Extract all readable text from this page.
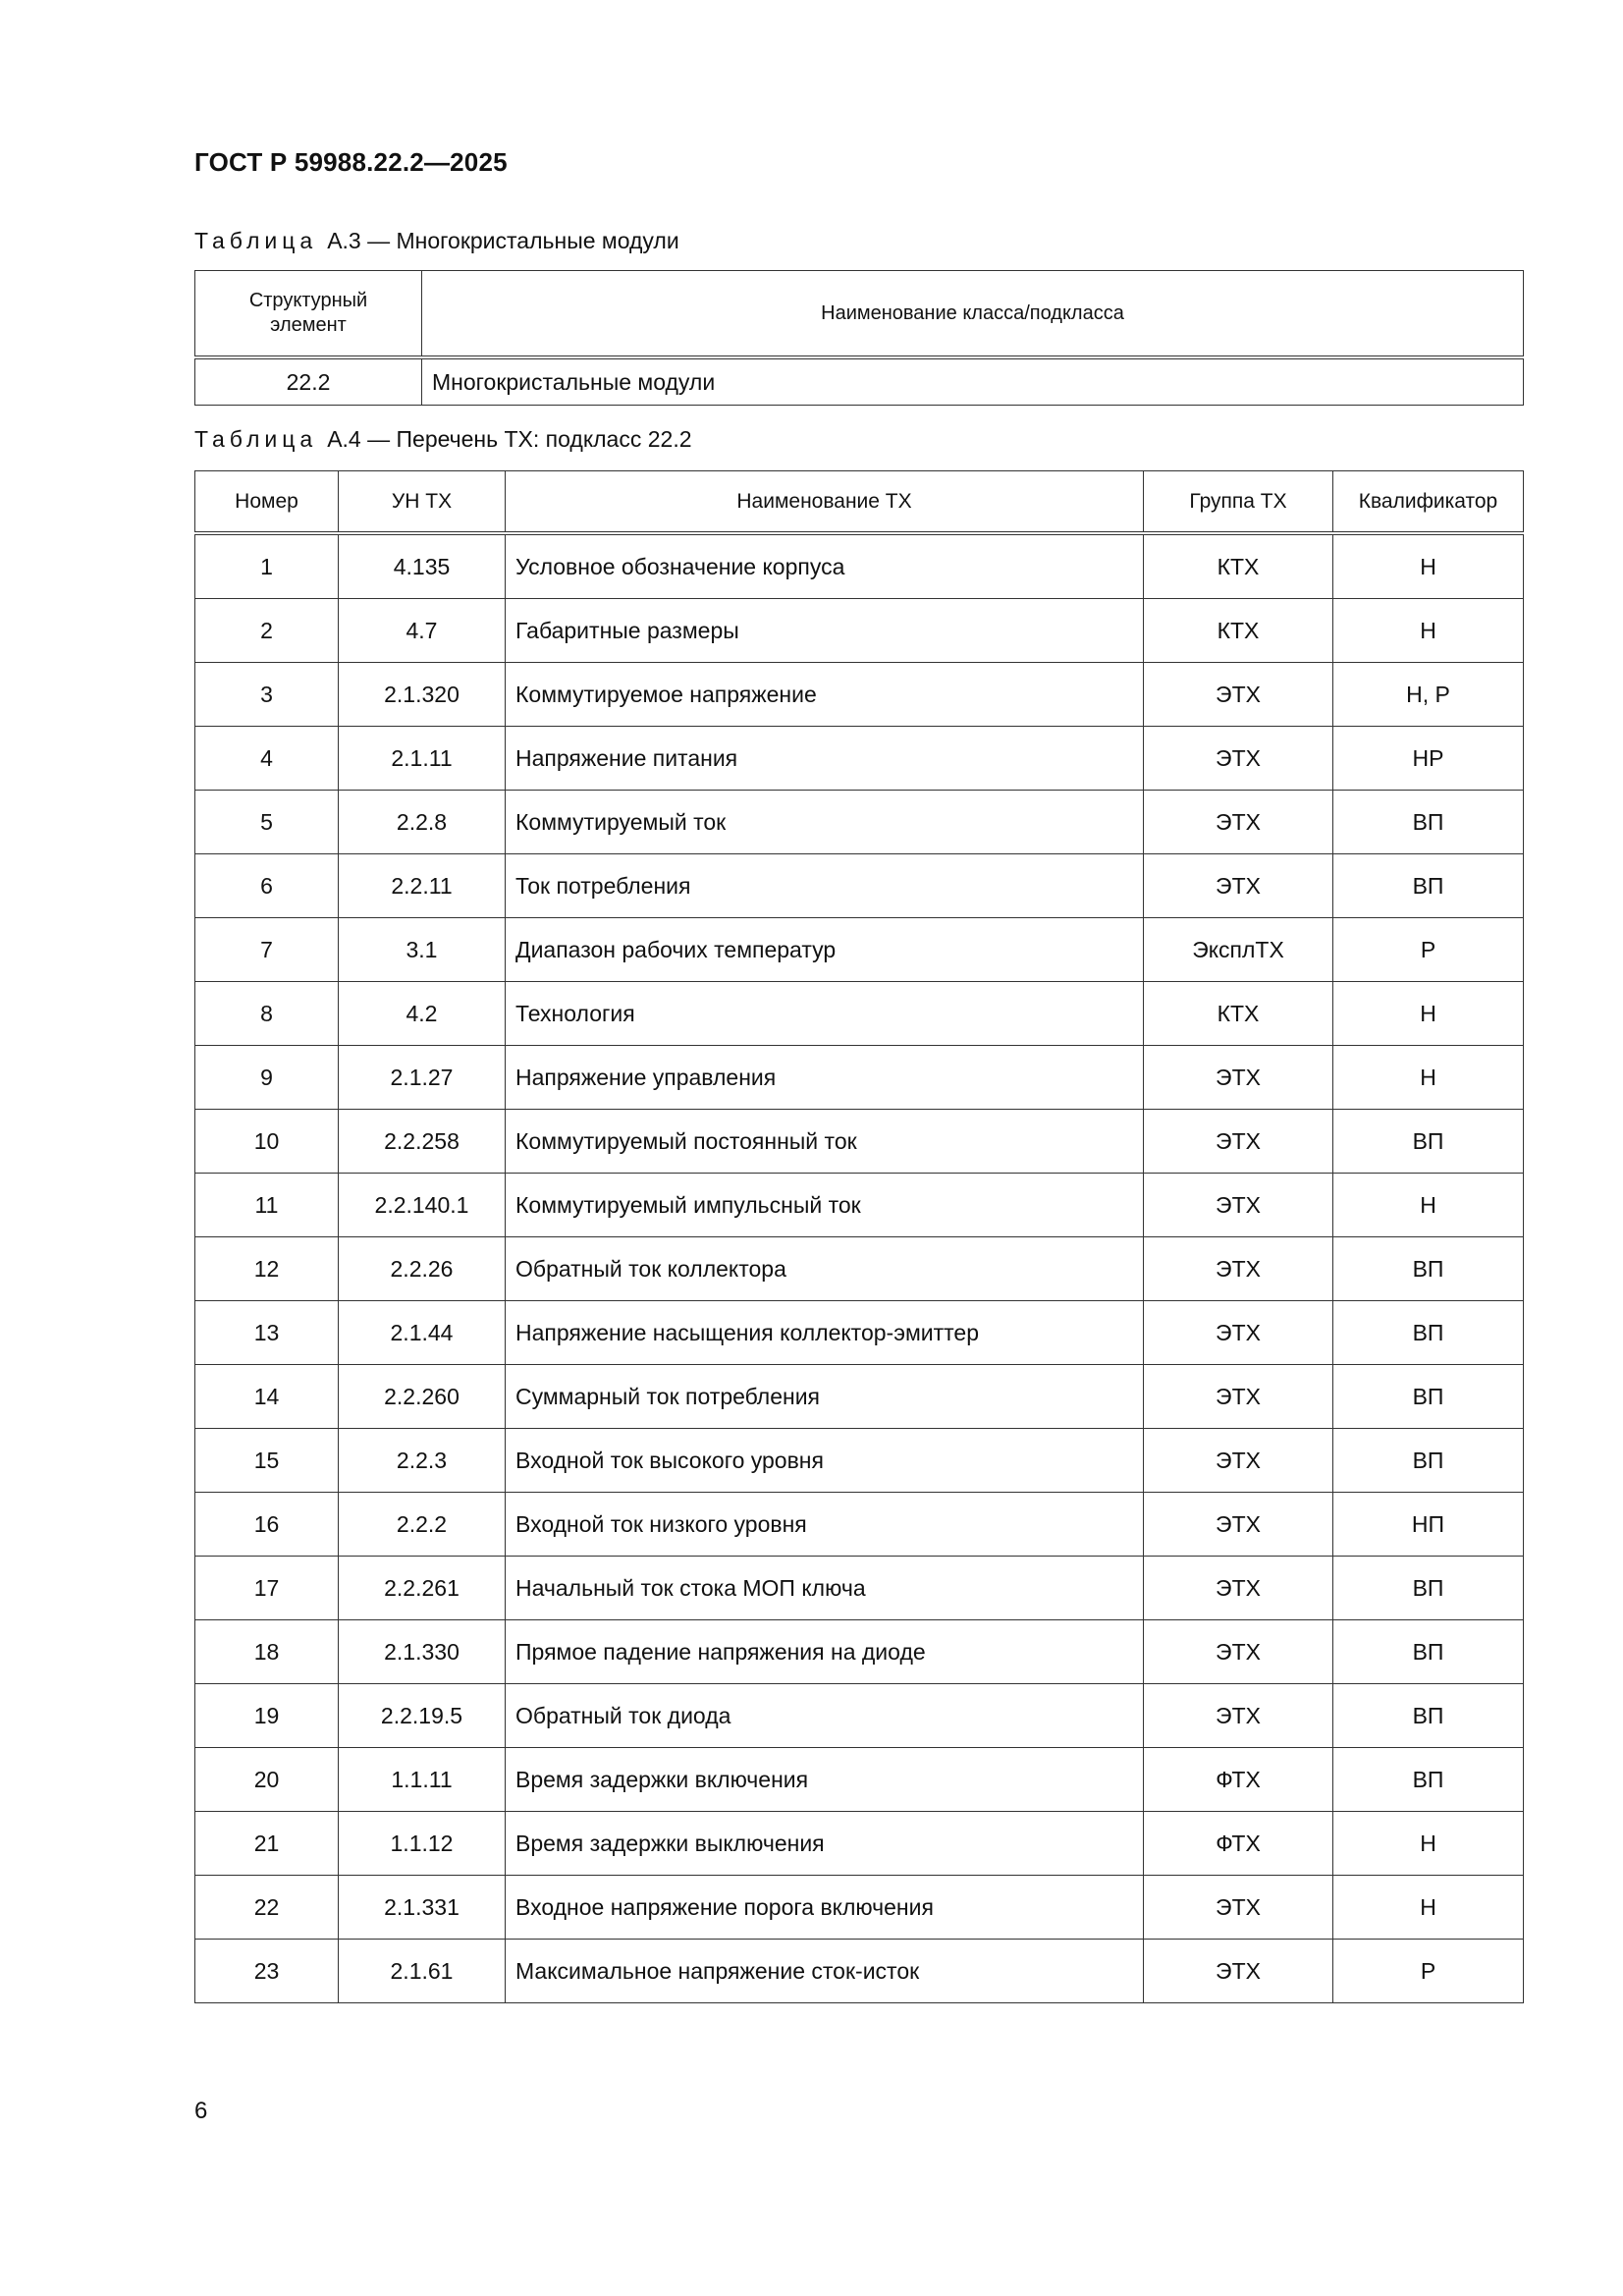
ГОСТ Р 59988.22.2—2025
Таблица А.3 — Многокристальные модули
Структурный элемент	Наименование класса/подкласса
22.2	Многокристальные модули
Таблица А.4 — Перечень ТХ: подкласс 22.2
Номер	УН ТХ	Наименование ТХ	Группа ТХ	Квалификатор
1	4.135	Условное обозначение корпуса	КТХ	Н
2	4.7	Габаритные размеры	КТХ	Н
3	2.1.320	Коммутируемое напряжение	ЭТХ	Н, Р
4	2.1.11	Напряжение питания	ЭТХ	НР
5	2.2.8	Коммутируемый ток	ЭТХ	ВП
6	2.2.11	Ток потребления	ЭТХ	ВП
7	3.1	Диапазон рабочих температур	ЭксплТХ	Р
8	4.2	Технология	КТХ	Н
9	2.1.27	Напряжение управления	ЭТХ	Н
10	2.2.258	Коммутируемый постоянный ток	ЭТХ	ВП
11	2.2.140.1	Коммутируемый импульсный ток	ЭТХ	Н
12	2.2.26	Обратный ток коллектора	ЭТХ	ВП
13	2.1.44	Напряжение насыщения коллектор-эмиттер	ЭТХ	ВП
14	2.2.260	Суммарный ток потребления	ЭТХ	ВП
15	2.2.3	Входной ток высокого уровня	ЭТХ	ВП
16	2.2.2	Входной ток низкого уровня	ЭТХ	НП
17	2.2.261	Начальный ток стока МОП ключа	ЭТХ	ВП
18	2.1.330	Прямое падение напряжения на диоде	ЭТХ	ВП
19	2.2.19.5	Обратный ток диода	ЭТХ	ВП
20	1.1.11	Время задержки включения	ФТХ	ВП
21	1.1.12	Время задержки выключения	ФТХ	Н
22	2.1.331	Входное напряжение порога включения	ЭТХ	Н
23	2.1.61	Максимальное напряжение сток-исток	ЭТХ	Р
6
